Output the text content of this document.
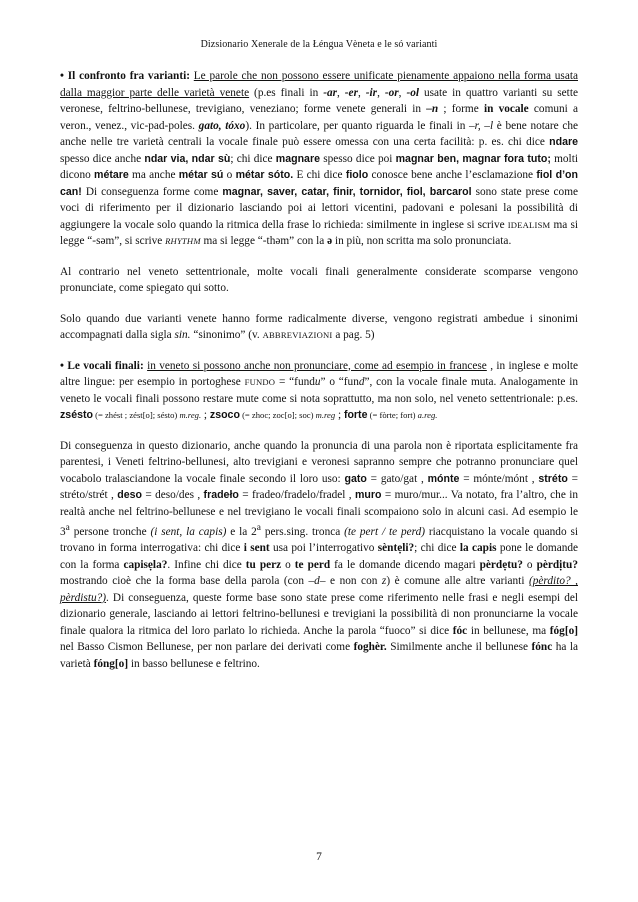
Dizsionario Xenerale de la Łéngua Vèneta e le só varianti

• Il confronto fra varianti: Le parole che non possono essere unificate pienamente appaiono nella forma usata dalla maggior parte delle varietà venete (p.es finali in -ar, -er, -ir, -or, -ol usate in quattro varianti su sette veronese, feltrino-bellunese, trevigiano, veneziano; forme venete generali in –n ; forme in vocale comuni a veron., venez., vic-pad-poles. gato, tóxo). In particolare, per quanto riguarda le finali in –r, –l è bene notare che anche nelle tre varietà centrali la vocale finale può essere omessa con una certa facilità: p. es. chi dice ndare spesso dice anche ndar via, ndar sù; chi dice magnare spesso dice poi magnar ben, magnar fora tuto; molti dicono métare ma anche métar sú o métar sóto. E chi dice fiolo conosce bene anche l’esclamazione fiol d’on can! Di conseguenza forme come magnar, saver, catar, finir, tornidor, fiol, barcarol sono state prese come voci di riferimento per il dizionario lasciando poi ai lettori vicentini, padovani e polesani la possibilità di aggiungere la vocale solo quando la ritmica della frase lo richieda: similmente in inglese si scrive IDEALISM ma si legge “-səm”, si scrive RHYTHM ma si legge “-thəm” con la ə in più, non scritta ma solo pronunciata.

Al contrario nel veneto settentrionale, molte vocali finali generalmente considerate scomparse vengono pronunciate, come spiegato qui sotto.

Solo quando due varianti venete hanno forme radicalmente diverse, vengono registrati ambedue i sinonimi accompagnati dalla sigla sin. “sinonimo” (v. ABBREVIAZIONI a pag. 5)

• Le vocali finali: in veneto si possono anche non pronunciare, come ad esempio in francese , in inglese e molte altre lingue: per esempio in portoghese FUNDO = “fundu” o “fund”, con la vocale finale muta. Analogamente in veneto le vocali finali possono restare mute come si nota soprattutto, ma non solo, nel veneto settentrionale: p.es. zsésto (= zhést ; zést[o]; sésto) m.reg. ; zsoco (= zhoc; zoc[o]; soc) m.reg ; forte (= fòrte; fort) a.reg.

Di conseguenza in questo dizionario, anche quando la pronuncia di una parola non è riportata esplicitamente fra parentesi, i Veneti feltrino-bellunesi, alto trevigiani e veronesi sapranno sempre che potranno pronunciare quel vocabolo tralasciandone la vocale finale secondo il loro uso: gato = gato/gat , mónte = mónte/mónt , stréto = stréto/strét , deso = deso/des , fradeło = fradeo/fradelo/fradel , muro = muro/mur... Va notato, fra l’altro, che in realtà anche nel feltrino-bellunese e nel trevigiano le vocali finali scompaiono solo in alcuni casi. Ad esempio le 3$^a$ persone tronche (i sent, la capis) e la 2$^a$ pers.sing. tronca (te pert / te perd) riacquistano la vocale quando si trovano in forma interrogativa: chi dice i sent usa poi l’interrogativo sèntẹli?; chi dice la capis pone le domande con la forma capisẹla?. Infine chi dice tu perz o te perd fa le domande dicendo magari pèrdẹtu? o pèrdịtu?mostrando cioè che la forma base della parola (con –d– e non con z) è comune alle altre varianti (pèrdito? , pèrdistu?). Di conseguenza, queste forme base sono state prese come riferimento nelle frasi e negli esempi del dizionario generale, lasciando ai lettori feltrino-bellunesi e trevigiani la possibilità di non pronunciarne la vocale finale qualora la ritmica del loro parlato lo richieda. Anche la parola “fuoco” si dice fóc in bellunese, ma fóg[o] nel Basso Cismon Bellunese, per non parlare dei derivati come foghèr. Similmente anche il bellunese fónc ha la varietà fóng[o] in basso bellunese e feltrino.

7
